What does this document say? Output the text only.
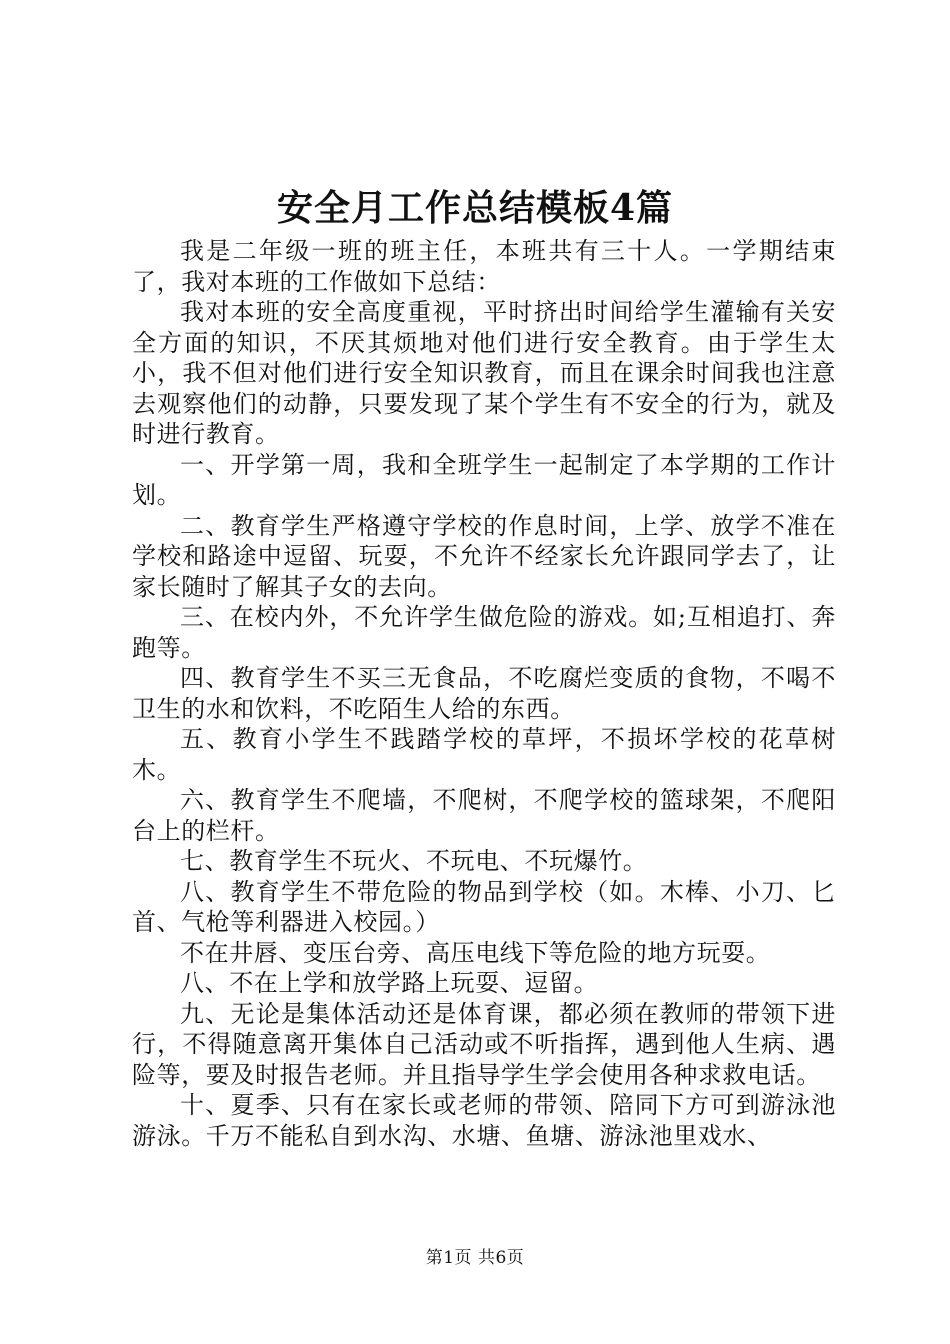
安全月工作总结模板4篇

我是二年级一班的班主任，本班共有三十人。一学期结束了，我对本班的工作做如下总结：

我对本班的安全高度重视，平时挤出时间给学生灌输有关安全方面的知识，不厌其烦地对他们进行安全教育。由于学生太小，我不但对他们进行安全知识教育，而且在课余时间我也注意去观察他们的动静，只要发现了某个学生有不安全的行为，就及时进行教育。

一、开学第一周，我和全班学生一起制定了本学期的工作计划。

二、教育学生严格遵守学校的作息时间，上学、放学不准在学校和路途中逗留、玩耍，不允许不经家长允许跟同学去了，让家长随时了解其子女的去向。

三、在校内外，不允许学生做危险的游戏。如;互相追打、奔跑等。

四、教育学生不买三无食品，不吃腐烂变质的食物，不喝不卫生的水和饮料，不吃陌生人给的东西。

五、教育小学生不践踏学校的草坪，不损坏学校的花草树木。

六、教育学生不爬墙，不爬树，不爬学校的篮球架，不爬阳台上的栏杆。

七、教育学生不玩火、不玩电、不玩爆竹。

八、教育学生不带危险的物品到学校（如。木棒、小刀、匕首、气枪等利器进入校园。）

不在井唇、变压台旁、高压电线下等危险的地方玩耍。

八、不在上学和放学路上玩耍、逗留。

九、无论是集体活动还是体育课，都必须在教师的带领下进行，不得随意离开集体自己活动或不听指挥，遇到他人生病、遇险等，要及时报告老师。并且指导学生学会使用各种求救电话。

十、夏季、只有在家长或老师的带领、陪同下方可到游泳池游泳。千万不能私自到水沟、水塘、鱼塘、游泳池里戏水、

第1页 共6页
